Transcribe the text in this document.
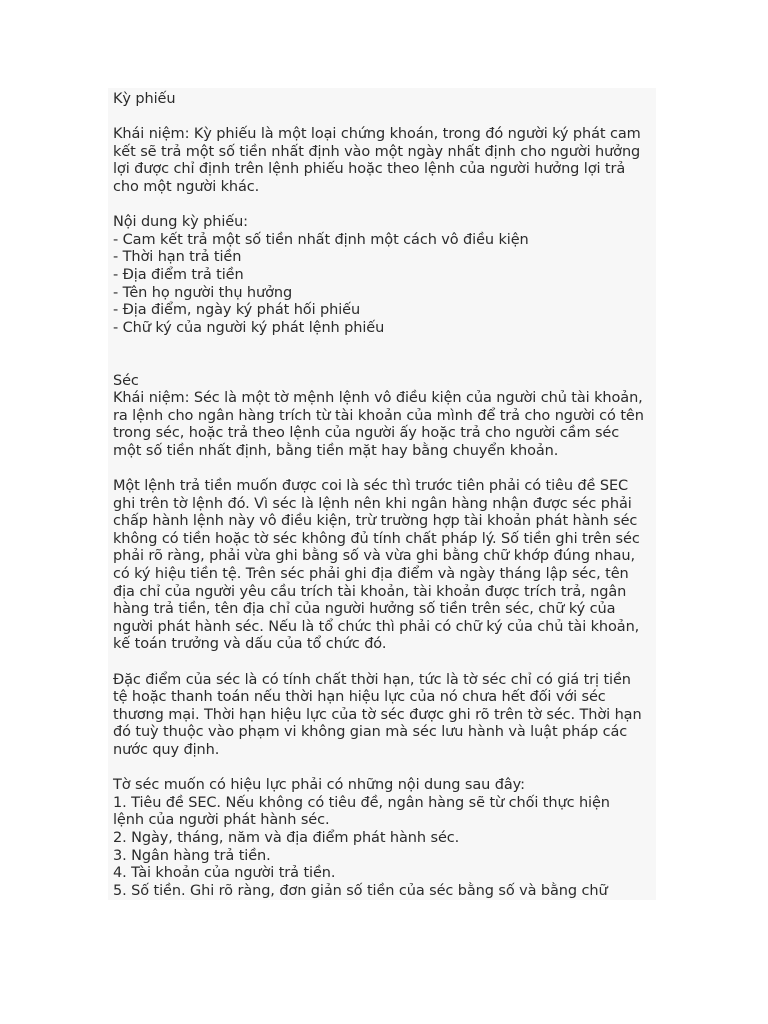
Kỳ phiếu
Khái niệm: Kỳ phiếu là một loại chứng khoán, trong đó người ký phát cam
kết sẽ trả một số tiền nhất định vào một ngày nhất định cho người hưởng
lợi được chỉ định trên lệnh phiếu hoặc theo lệnh của người hưởng lợi trả
cho một người khác.
Nội dung kỳ phiếu:
- Cam kết trả một số tiền nhất định một cách vô điều kiện
- Thời hạn trả tiền
- Địa điểm trả tiền
- Tên họ người thụ hưởng
- Địa điểm, ngày ký phát hối phiếu
- Chữ ký của người ký phát lệnh phiếu
Séc
Khái niệm: Séc là một tờ mệnh lệnh vô điều kiện của người chủ tài khoản,
ra lệnh cho ngân hàng trích từ tài khoản của mình để trả cho người có tên
trong séc, hoặc trả theo lệnh của người ấy hoặc trả cho người cầm séc
một số tiền nhất định, bằng tiền mặt hay bằng chuyển khoản.
Một lệnh trả tiền muốn được coi là séc thì trước tiên phải có tiêu đề SEC
ghi trên tờ lệnh đó. Vì séc là lệnh nên khi ngân hàng nhận được séc phải
chấp hành lệnh này vô điều kiện, trừ trường hợp tài khoản phát hành séc
không có tiền hoặc tờ séc không đủ tính chất pháp lý. Số tiền ghi trên séc
phải rõ ràng, phải vừa ghi bằng số và vừa ghi bằng chữ khớp đúng nhau,
có ký hiệu tiền tệ. Trên séc phải ghi địa điểm và ngày tháng lập séc, tên
địa chỉ của người yêu cầu trích tài khoản, tài khoản được trích trả, ngân
hàng trả tiền, tên địa chỉ của người hưởng số tiền trên séc, chữ ký của
người phát hành séc. Nếu là tổ chức thì phải có chữ ký của chủ tài khoản,
kế toán trưởng và dấu của tổ chức đó.
Đặc điểm của séc là có tính chất thời hạn, tức là tờ séc chỉ có giá trị tiền
tệ hoặc thanh toán nếu thời hạn hiệu lực của nó chưa hết đối với séc
thương mại. Thời hạn hiệu lực của tờ séc được ghi rõ trên tờ séc. Thời hạn
đó tuỳ thuộc vào phạm vi không gian mà séc lưu hành và luật pháp các
nước quy định.
Tờ séc muốn có hiệu lực phải có những nội dung sau đây:
1. Tiêu đề SEC. Nếu không có tiêu đề, ngân hàng sẽ từ chối thực hiện
lệnh của người phát hành séc.
2. Ngày, tháng, năm và địa điểm phát hành séc.
3. Ngân hàng trả tiền.
4. Tài khoản của người trả tiền.
5. Số tiền. Ghi rõ ràng, đơn giản số tiền của séc bằng số và bằng chữ
